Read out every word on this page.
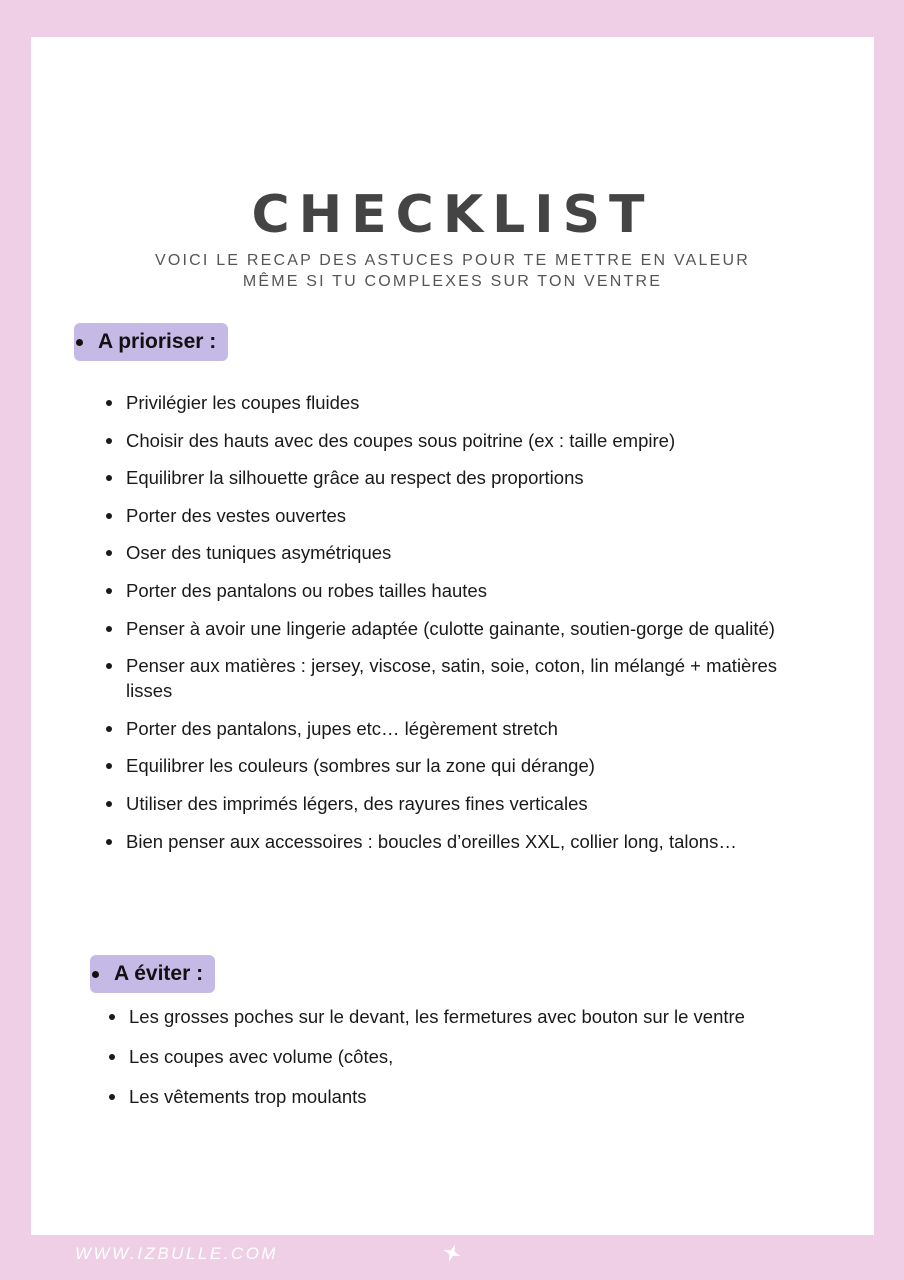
CHECKLIST
VOICI LE RECAP DES ASTUCES POUR TE METTRE EN VALEUR
MÊME SI TU COMPLEXES SUR TON VENTRE
A prioriser :
Privilégier les coupes fluides
Choisir des hauts avec des coupes sous poitrine (ex : taille empire)
Equilibrer la silhouette grâce au respect des proportions
Porter des vestes ouvertes
Oser des tuniques asymétriques
Porter des pantalons ou robes tailles hautes
Penser à avoir une lingerie adaptée (culotte gainante, soutien-gorge de qualité)
Penser aux matières : jersey, viscose, satin, soie, coton, lin mélangé + matières lisses
Porter des pantalons, jupes etc… légèrement stretch
Equilibrer les couleurs (sombres sur la zone qui dérange)
Utiliser des imprimés légers, des rayures fines verticales
Bien penser aux accessoires : boucles d’oreilles XXL, collier long, talons…
A éviter :
Les grosses poches sur le devant, les fermetures avec bouton sur le ventre
Les coupes avec volume (côtes,
Les vêtements trop moulants
WWW.IZBULLE.COM
